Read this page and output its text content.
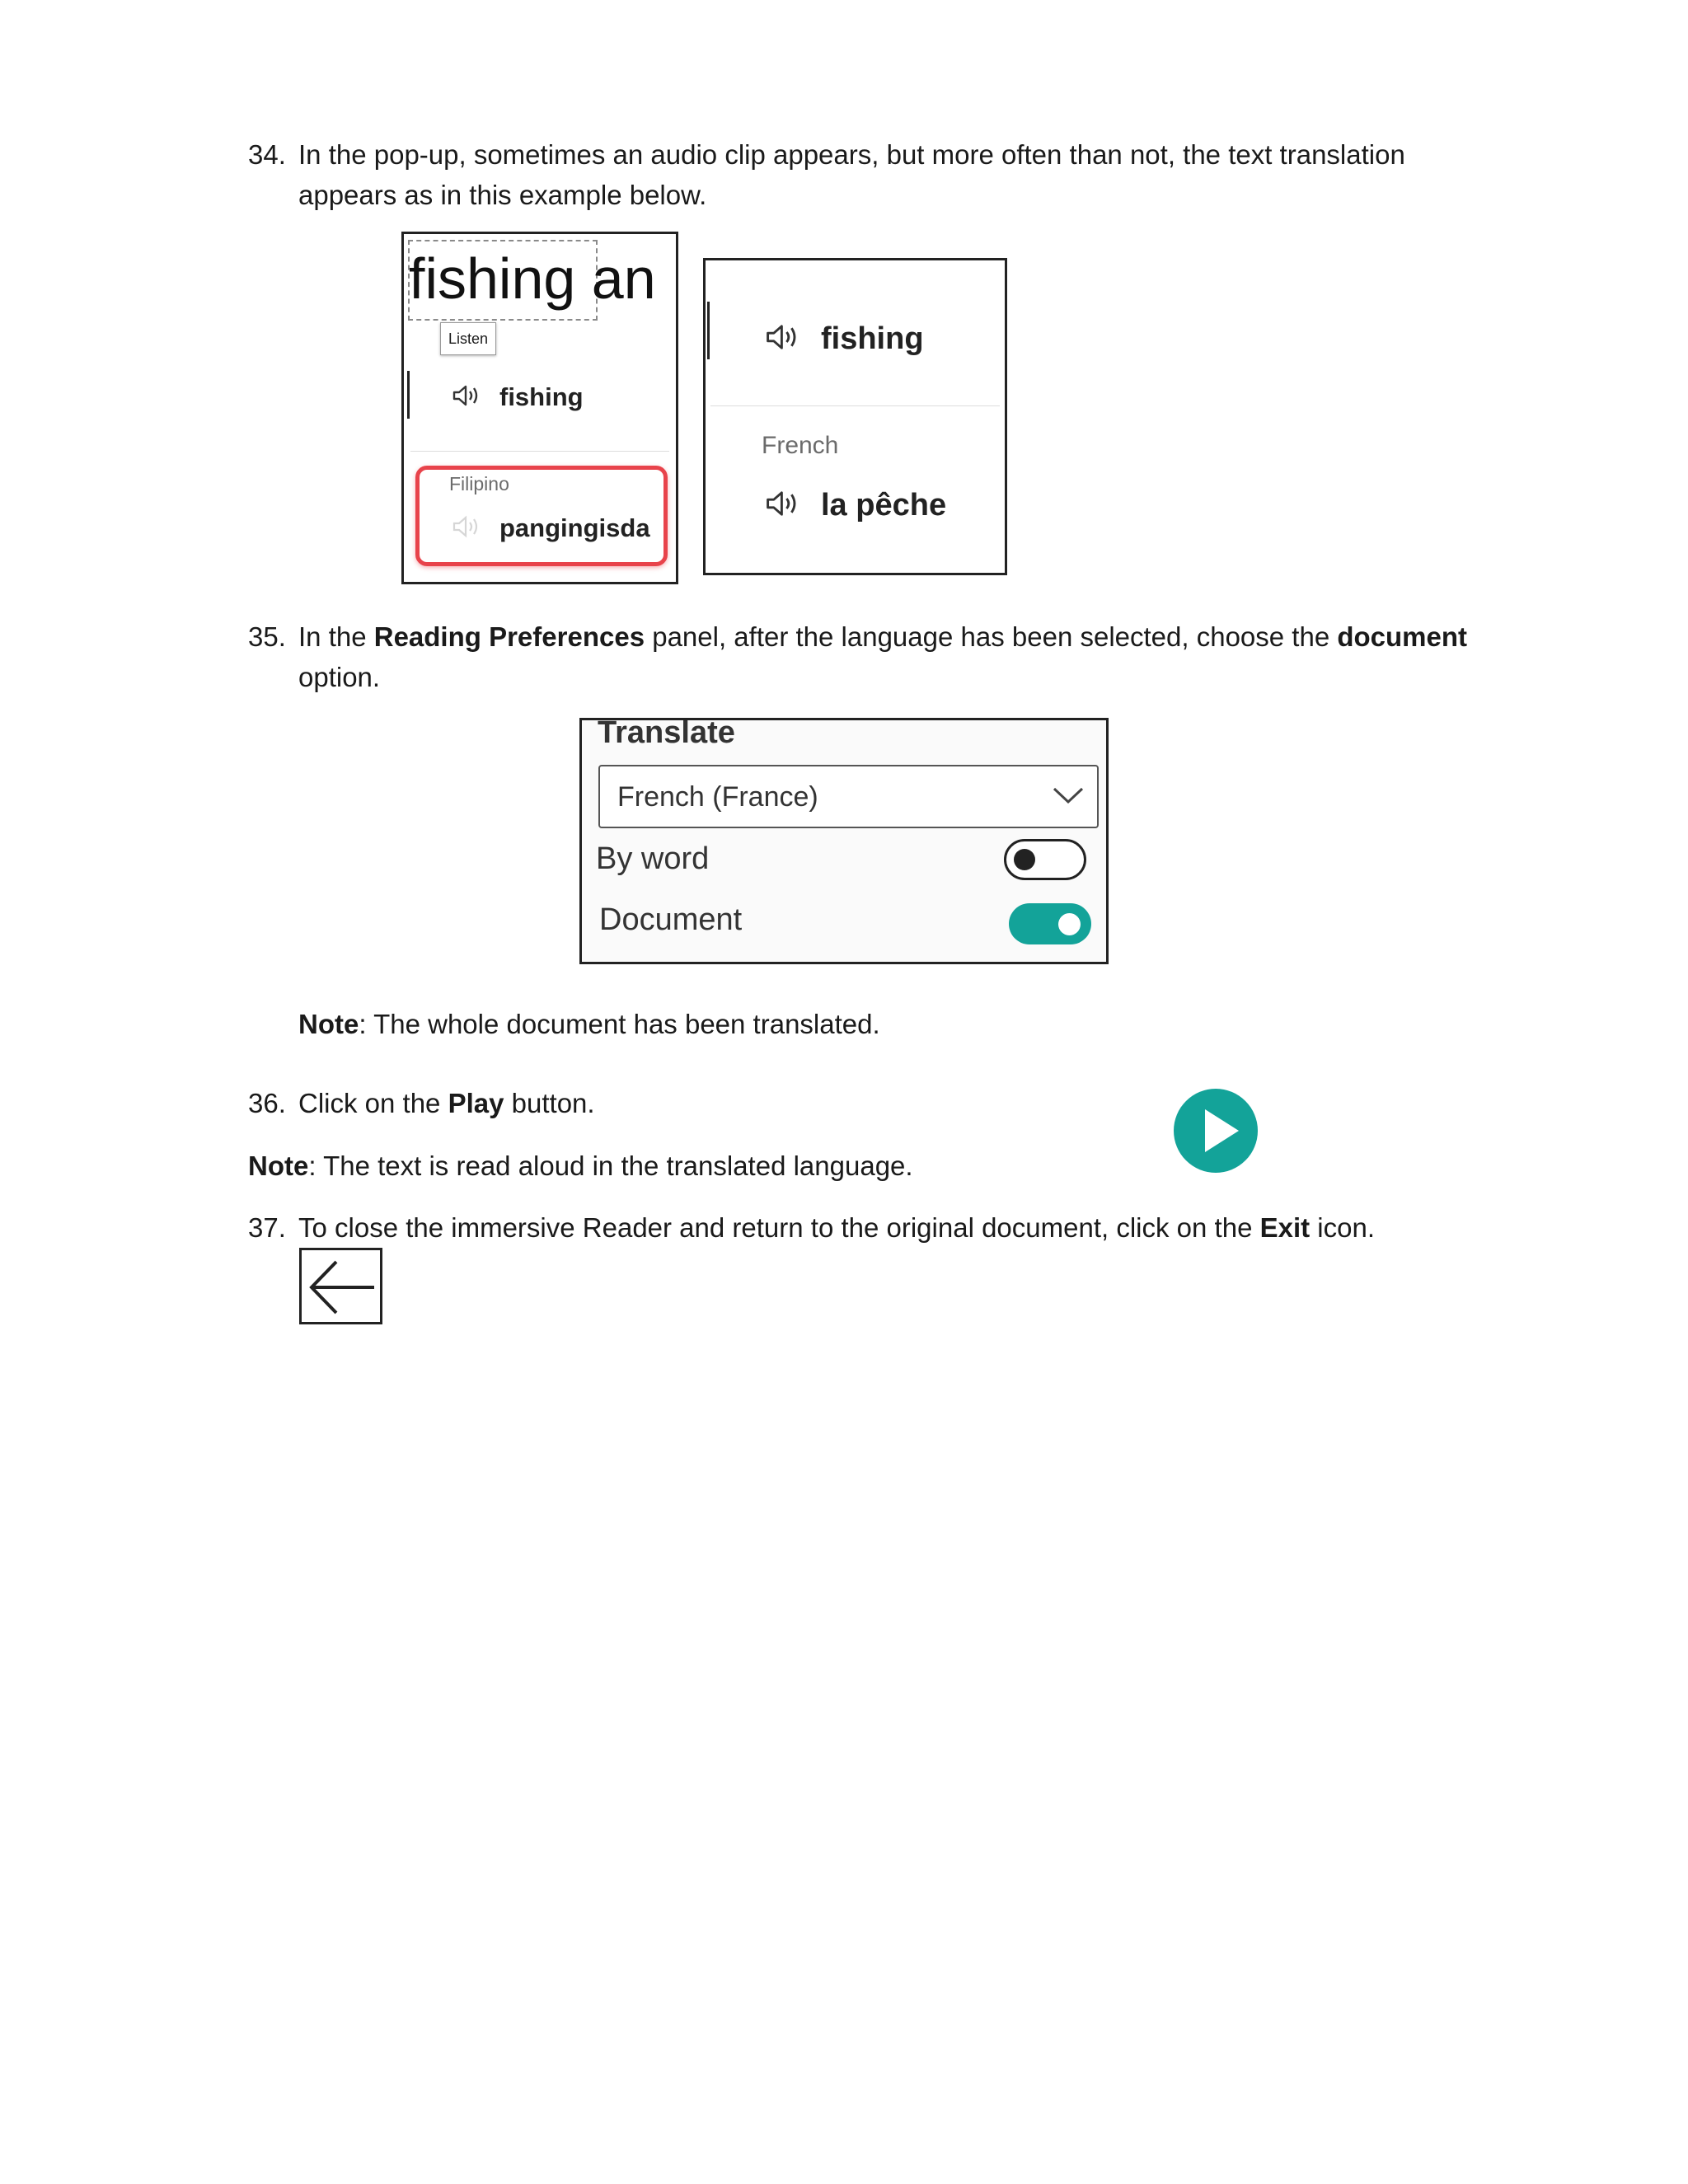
34. In the pop-up, sometimes an audio clip appears, but more often than not, the text translation
appears as in this example below.
fishing an
Listen
fishing
Filipino
pangingisda
fishing
French
la pêche
35. In the Reading Preferences panel, after the language has been selected, choose the document
option.
Translate
French (France)
By word
Document
Note: The whole document has been translated.
36. Click on the Play button.
Note: The text is read aloud in the translated language.
37. To close the immersive Reader and return to the original document, click on the Exit icon.
